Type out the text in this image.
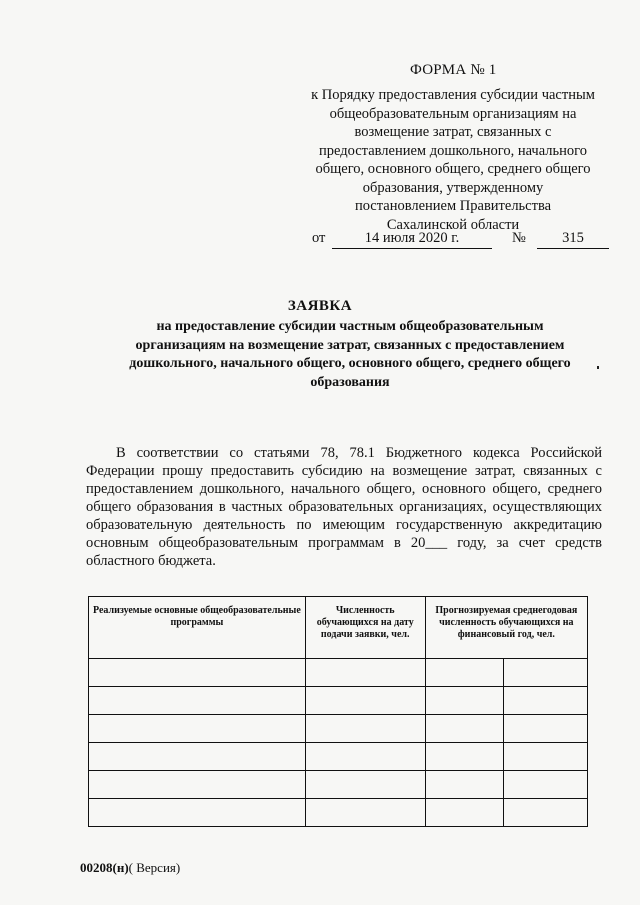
ФОРМА № 1
к Порядку предоставления субсидии частным
общеобразовательным организациям на
возмещение затрат, связанных с
предоставлением дошкольного, начального
общего, основного общего, среднего общего
образования, утвержденному
постановлением Правительства
Сахалинской области
от	14 июля 2020 г.	№	315
ЗАЯВКА
на предоставление субсидии частным общеобразовательным
организациям на возмещение затрат, связанных с предоставлением
дошкольного, начального общего, основного общего, среднего общего
образования
В соответствии со статьями 78, 78.1 Бюджетного кодекса Российской Федерации прошу предоставить субсидию на возмещение затрат, связанных с предоставлением дошкольного, начального общего, основного общего, среднего общего образования в частных образовательных организациях, осуществляющих образовательную деятельность по имеющим государственную аккредитацию основным общеобразовательным программам в 20___ году, за счет средств областного бюджета.
Реализуемые основные общеобразовательные программы	Численность обучающихся на дату подачи заявки, чел.	Прогнозируемая среднегодовая численность обучающихся на финансовый год, чел.	

00208(н)( Версия)
